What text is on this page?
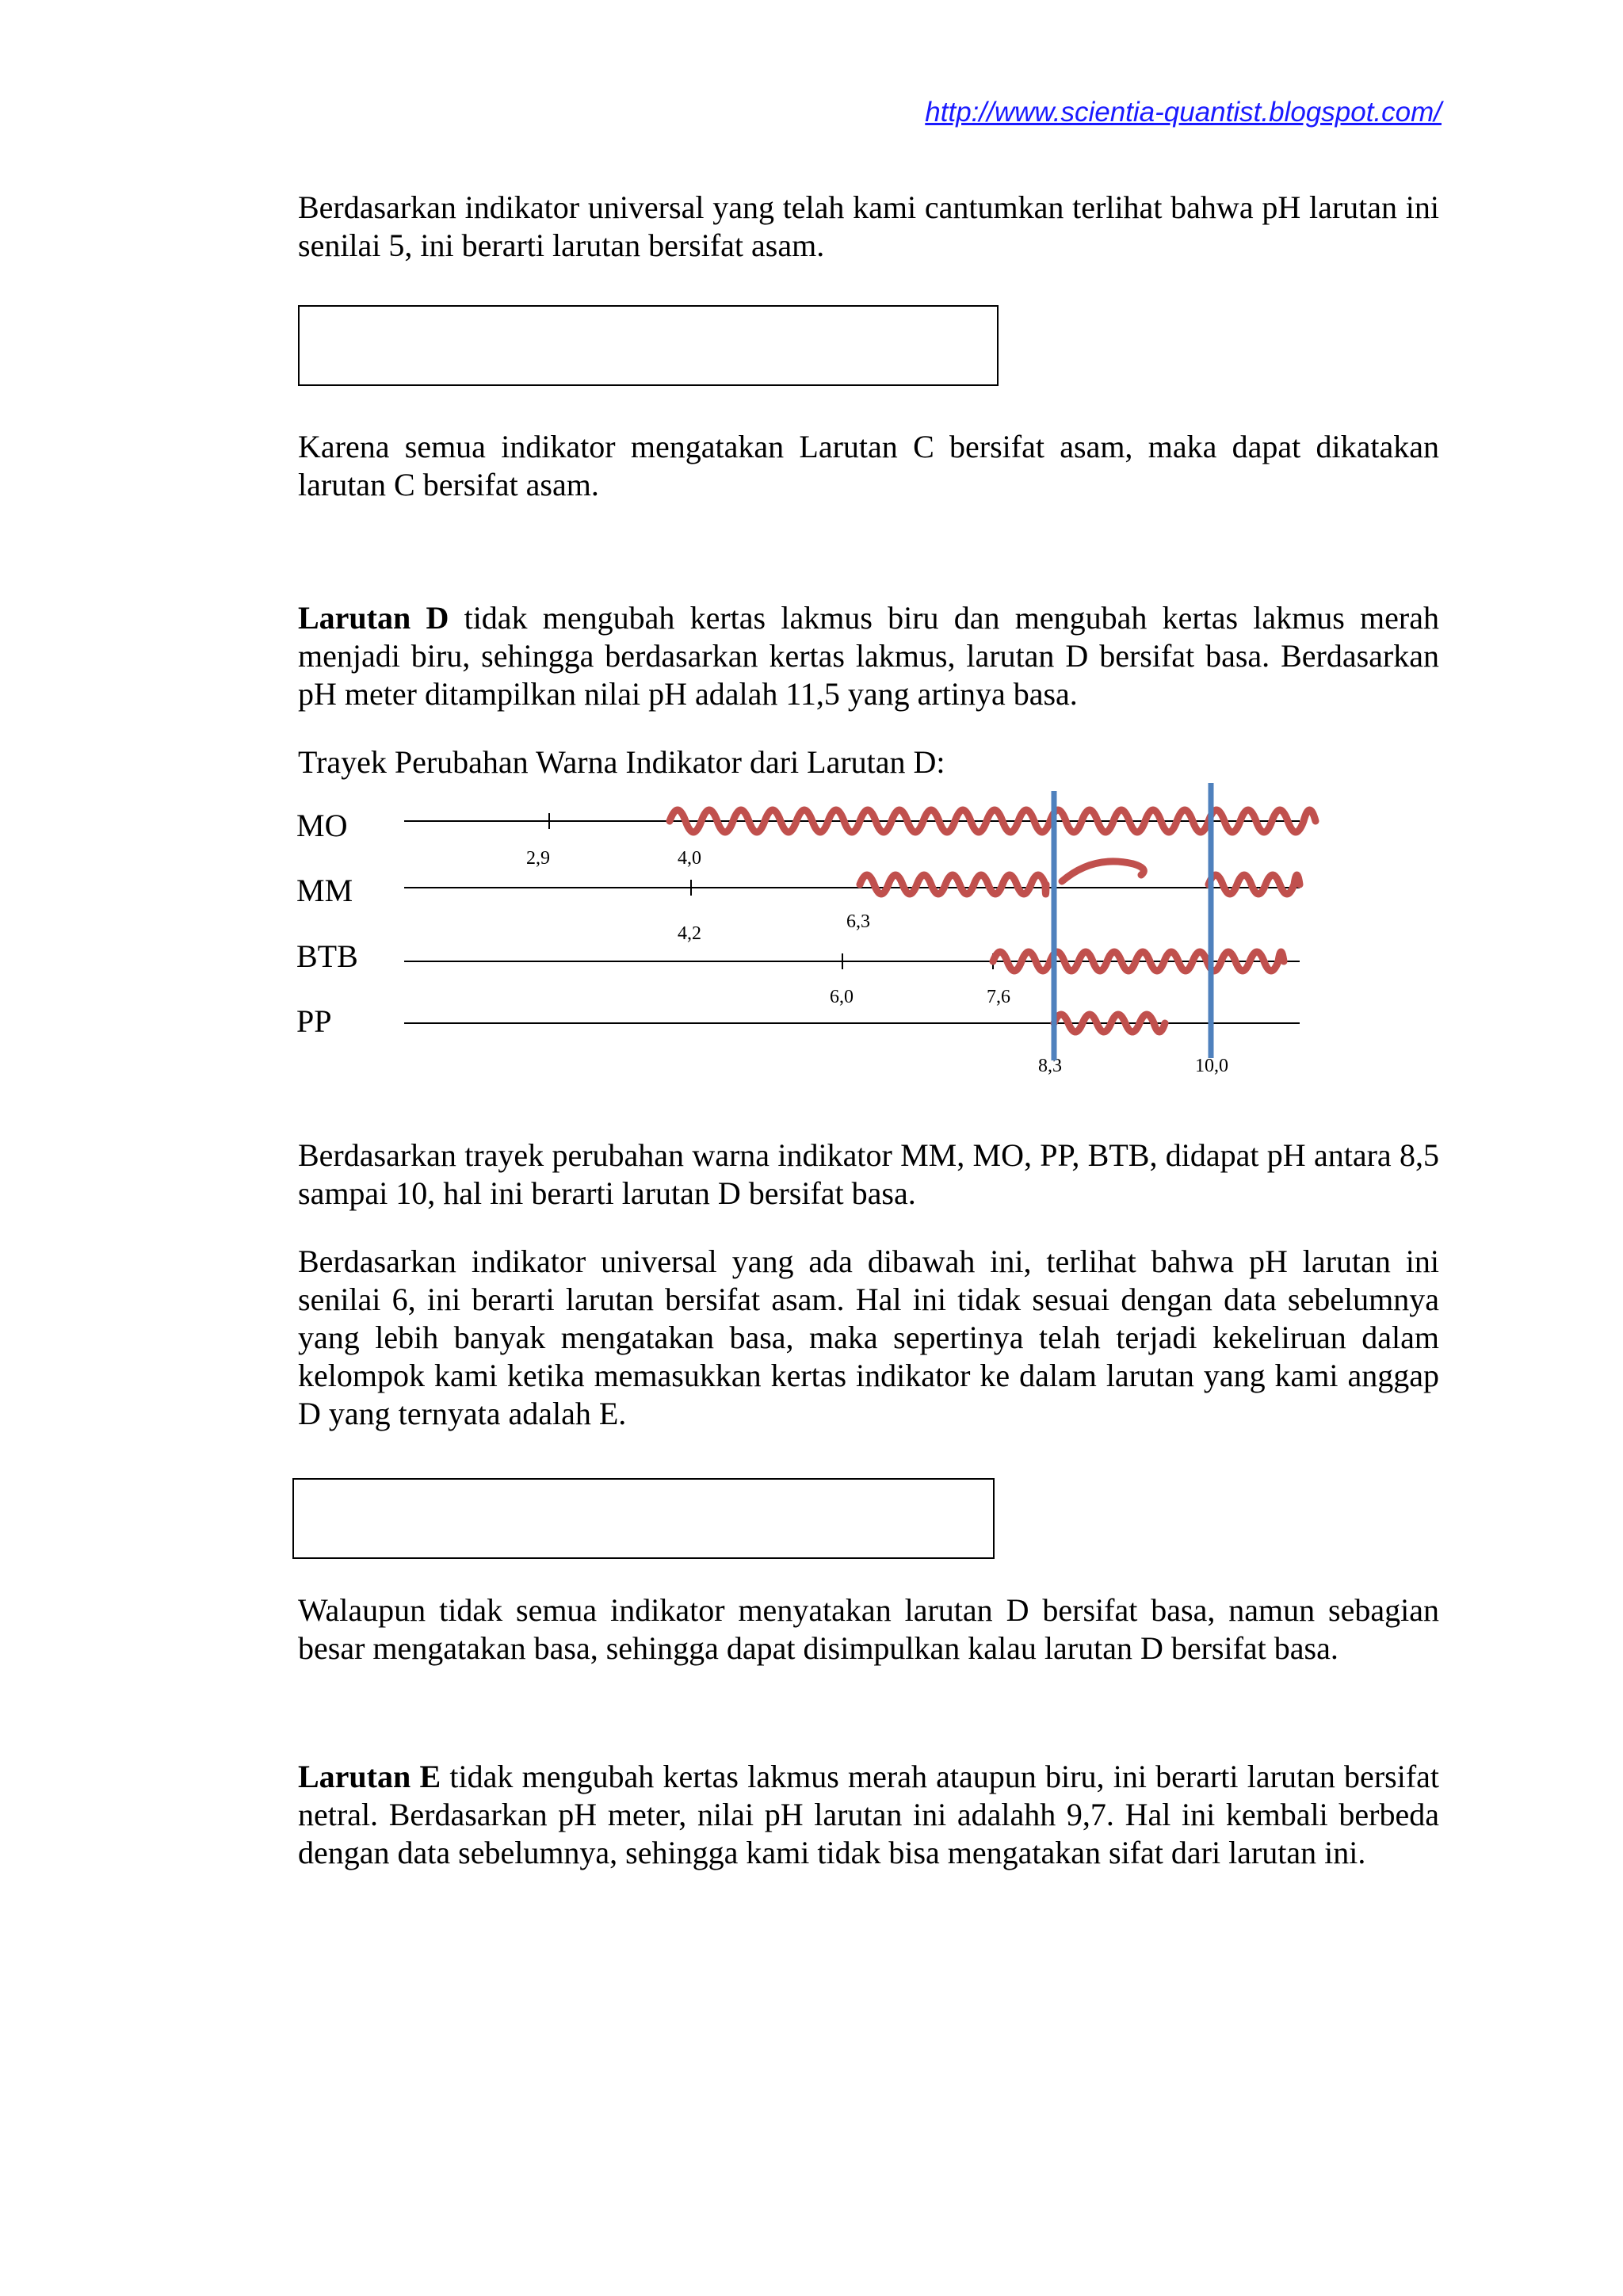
http://www.scientia-quantist.blogspot.com/

Berdasarkan indikator universal yang telah kami cantumkan terlihat bahwa pH larutan ini senilai 5, ini berarti larutan bersifat asam.

Karena semua indikator mengatakan Larutan C bersifat asam, maka dapat dikatakan larutan C bersifat asam.

Larutan D tidak mengubah kertas lakmus biru dan mengubah kertas lakmus merah menjadi biru, sehingga berdasarkan kertas lakmus, larutan D bersifat basa. Berdasarkan pH meter ditampilkan nilai pH adalah 11,5 yang artinya basa.

Trayek Perubahan Warna Indikator dari Larutan D:

MO
MM
BTB
PP
2,9	4,0
4,2
6,3
6,0	7,6
8,3	10,0

Berdasarkan trayek perubahan warna indikator MM, MO, PP, BTB, didapat pH antara 8,5 sampai 10, hal ini berarti larutan D bersifat basa.

Berdasarkan indikator universal yang ada dibawah ini, terlihat bahwa pH larutan ini senilai 6, ini berarti larutan bersifat asam. Hal ini tidak sesuai dengan data sebelumnya yang lebih banyak mengatakan basa, maka sepertinya telah terjadi kekeliruan dalam kelompok kami ketika memasukkan kertas indikator ke dalam larutan yang kami anggap D yang ternyata adalah E.

Walaupun tidak semua indikator menyatakan larutan D bersifat basa, namun sebagian besar mengatakan basa, sehingga dapat disimpulkan kalau larutan D bersifat basa.

Larutan E tidak mengubah kertas lakmus merah ataupun biru, ini berarti larutan bersifat netral. Berdasarkan pH meter, nilai pH larutan ini adalahh 9,7. Hal ini kembali berbeda dengan data sebelumnya, sehingga kami tidak bisa mengatakan sifat dari larutan ini.
